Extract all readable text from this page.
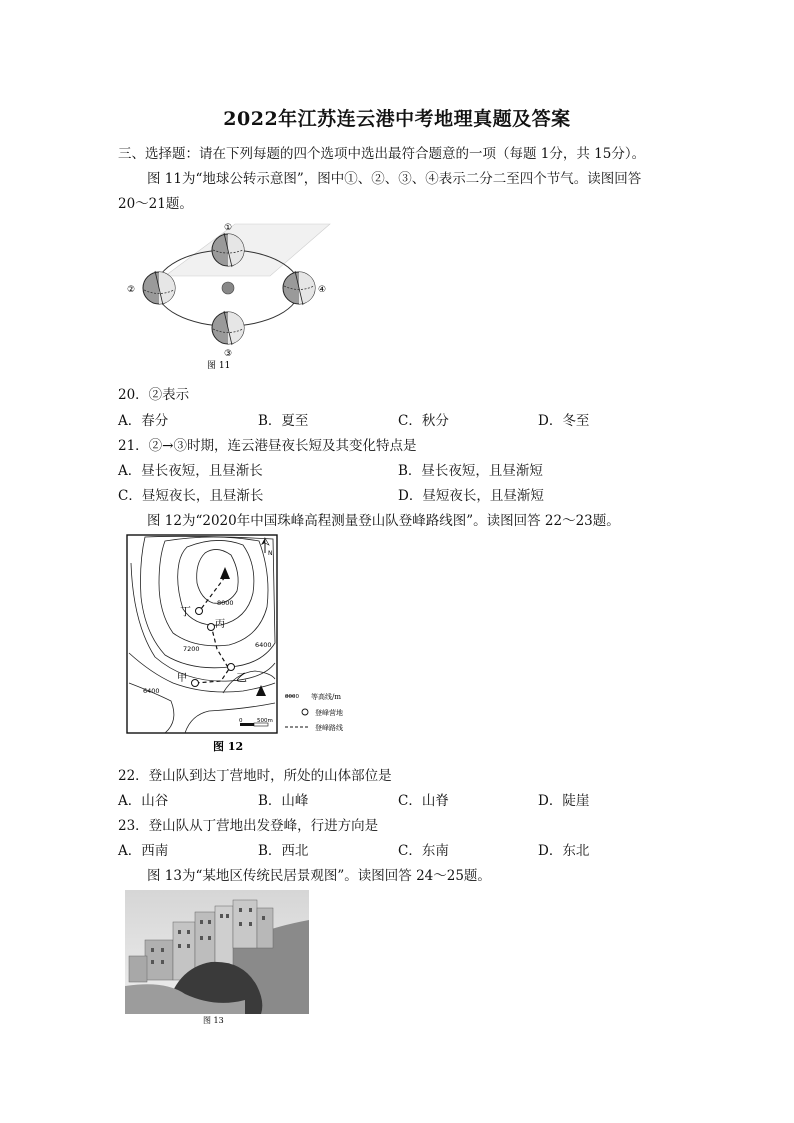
2022年江苏连云港中考地理真题及答案
三、选择题：请在下列每题的四个选项中选出最符合题意的一项（每题 1分，共 15分）。
图 11为“地球公转示意图”，图中①、②、③、④表示二分二至四个节气。读图回答
20～21题。
①
②
③
④
图 11
20．②表示
A．春分	B．夏至	C．秋分	D．冬至
21．②→③时期，连云港昼夜长短及其变化特点是
A．昼长夜短，且昼渐长	B．昼长夜短，且昼渐短
C．昼短夜长，且昼渐长	D．昼短夜长，且昼渐短
图 12为“2020年中国珠峰高程测量登山队登峰路线图”。读图回答 22～23题。
丁
丙
乙
甲
8000
7200	6400
6400
N
0	500m
8000 等高线/m
登峰营地
登峰路线
图 12
22．登山队到达丁营地时，所处的山体部位是
A．山谷	B．山峰	C．山脊	D．陡崖
23．登山队从丁营地出发登峰，行进方向是
A．西南	B．西北	C．东南	D．东北
图 13为“某地区传统民居景观图”。读图回答 24～25题。
图 13
